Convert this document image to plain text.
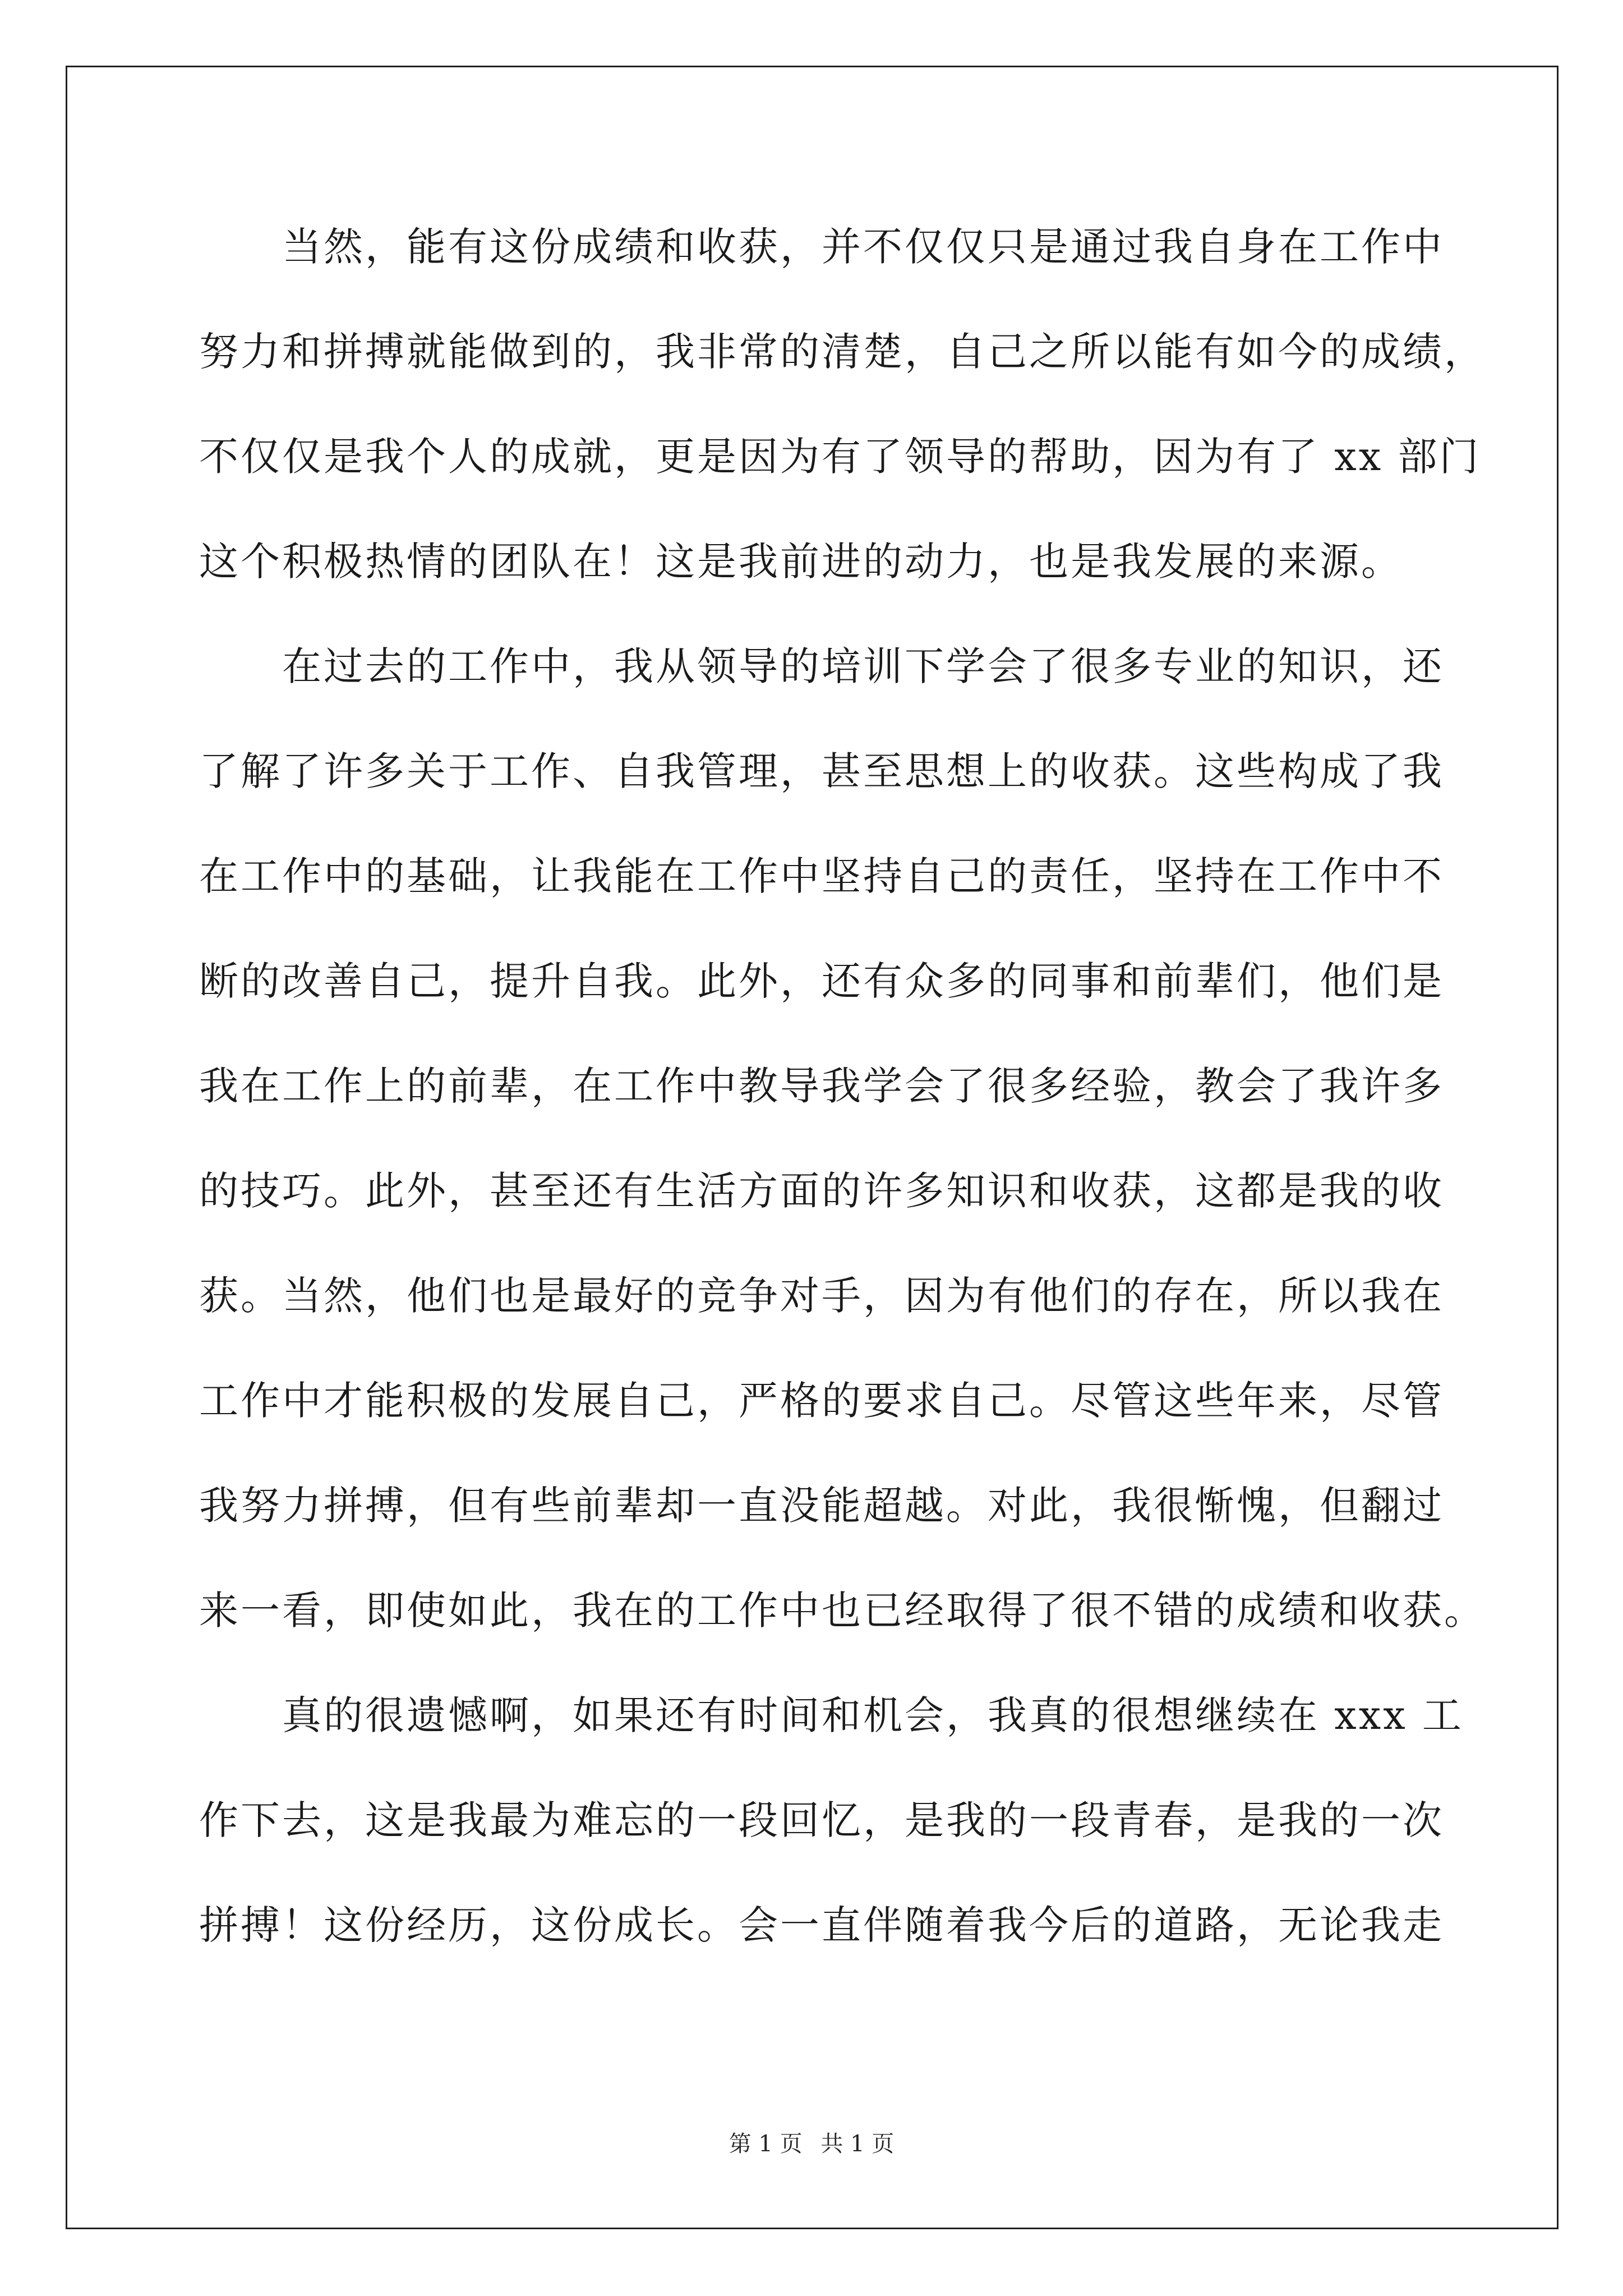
当然，能有这份成绩和收获，并不仅仅只是通过我自身在工作中
努力和拼搏就能做到的，我非常的清楚，自己之所以能有如今的成绩，
不仅仅是我个人的成就，更是因为有了领导的帮助，因为有了 xx 部门
这个积极热情的团队在！这是我前进的动力，也是我发展的来源。
在过去的工作中，我从领导的培训下学会了很多专业的知识，还
了解了许多关于工作、自我管理，甚至思想上的收获。这些构成了我
在工作中的基础，让我能在工作中坚持自己的责任，坚持在工作中不
断的改善自己，提升自我。此外，还有众多的同事和前辈们，他们是
我在工作上的前辈，在工作中教导我学会了很多经验，教会了我许多
的技巧。此外，甚至还有生活方面的许多知识和收获，这都是我的收
获。当然，他们也是最好的竞争对手，因为有他们的存在，所以我在
工作中才能积极的发展自己，严格的要求自己。尽管这些年来，尽管
我努力拼搏，但有些前辈却一直没能超越。对此，我很惭愧，但翻过
来一看，即使如此，我在的工作中也已经取得了很不错的成绩和收获。
真的很遗憾啊，如果还有时间和机会，我真的很想继续在 xxx 工
作下去，这是我最为难忘的一段回忆，是我的一段青春，是我的一次
拼搏！这份经历，这份成长。会一直伴随着我今后的道路，无论我走
第 1 页 共 1 页
